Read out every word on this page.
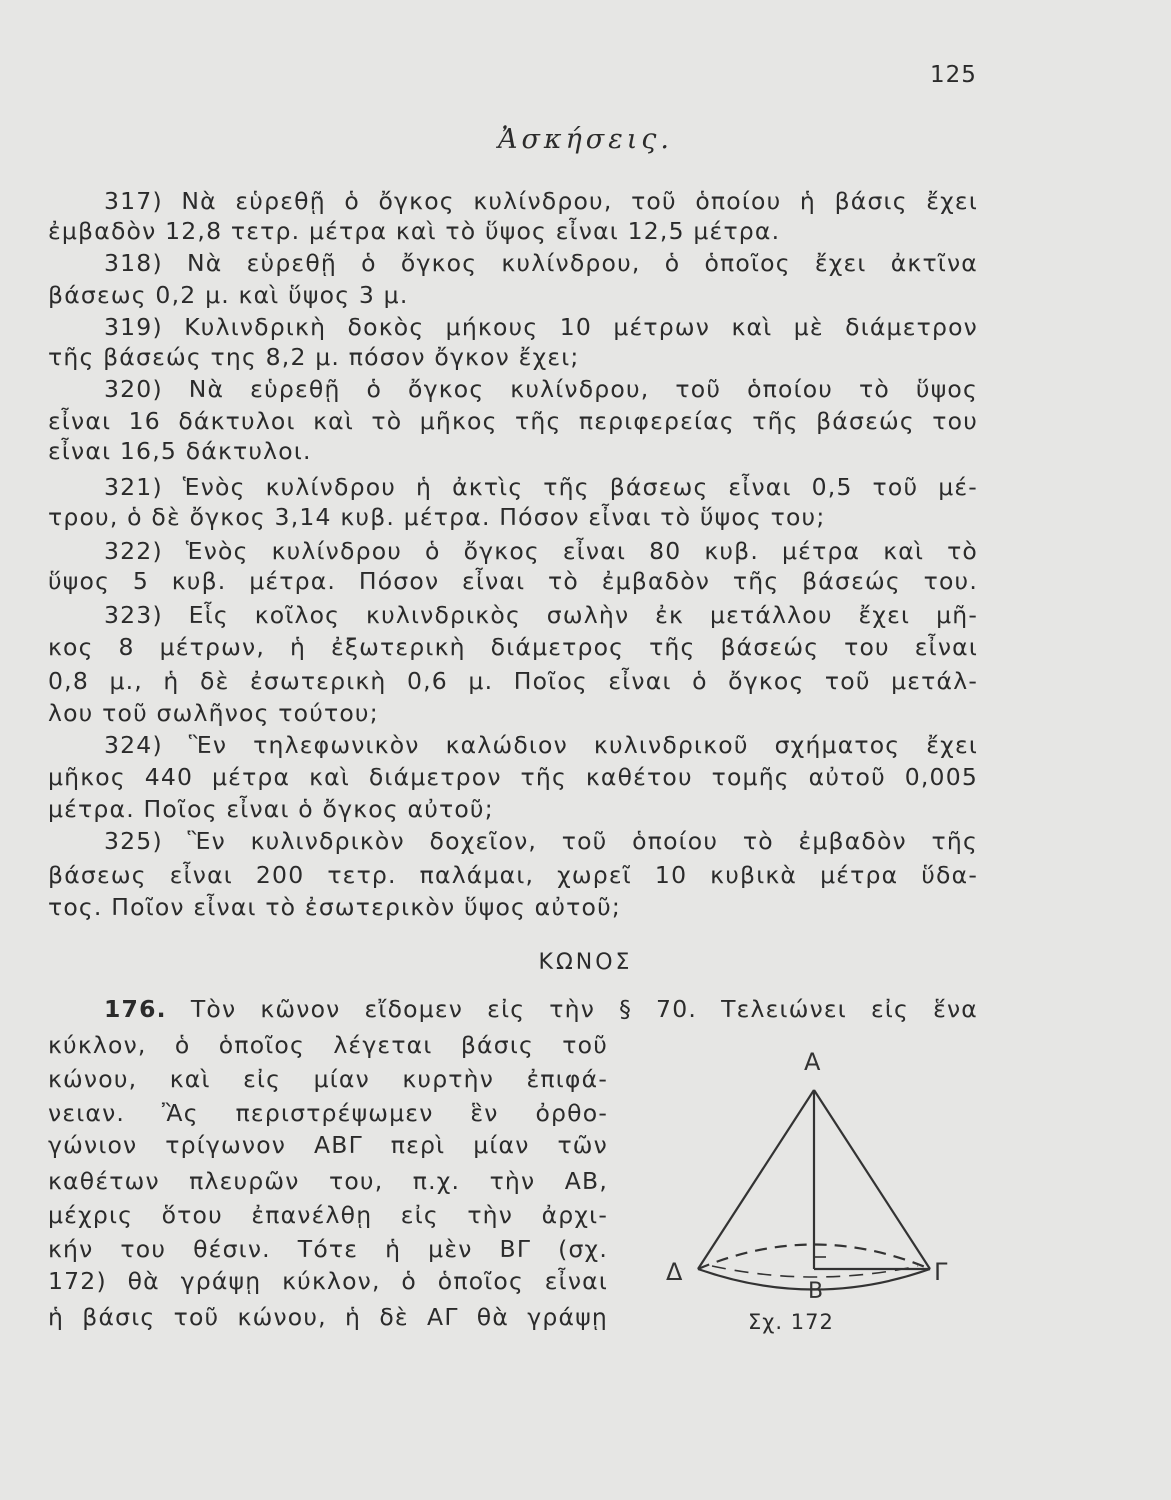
125
Ἀσκήσεις.
317) Νὰ εὑρεθῇ ὁ ὄγκος κυλίνδρου, τοῦ ὁποίου ἡ βάσις ἔχει
ἐμβαδὸν 12,8 τετρ. μέτρα καὶ τὸ ὕψος εἶναι 12,5 μέτρα.
318) Νὰ εὑρεθῇ ὁ ὄγκος κυλίνδρου, ὁ ὁποῖος ἔχει ἀκτῖνα
βάσεως 0,2 μ. καὶ ὕψος 3 μ.
319) Κυλινδρικὴ δοκὸς μήκους 10 μέτρων καὶ μὲ διάμετρον
τῆς βάσεώς της 8,2 μ. πόσον ὄγκον ἔχει;
320) Νὰ εὑρεθῇ ὁ ὄγκος κυλίνδρου, τοῦ ὁποίου τὸ ὕψος
εἶναι 16 δάκτυλοι καὶ τὸ μῆκος τῆς περιφερείας τῆς βάσεώς του
εἶναι 16,5 δάκτυλοι.
321) Ἑνὸς κυλίνδρου ἡ ἀκτὶς τῆς βάσεως εἶναι 0,5 τοῦ μέ-
τρου, ὁ δὲ ὄγκος 3,14 κυβ. μέτρα. Πόσον εἶναι τὸ ὕψος του;
322) Ἑνὸς κυλίνδρου ὁ ὄγκος εἶναι 80 κυβ. μέτρα καὶ τὸ
ὕψος 5 κυβ. μέτρα. Πόσον εἶναι τὸ ἐμβαδὸν τῆς βάσεώς του.
323) Εἷς κοῖλος κυλινδρικὸς σωλὴν ἐκ μετάλλου ἔχει μῆ-
κος 8 μέτρων, ἡ ἐξωτερικὴ διάμετρος τῆς βάσεώς του εἶναι
0,8 μ., ἡ δὲ ἐσωτερικὴ 0,6 μ. Ποῖος εἶναι ὁ ὄγκος τοῦ μετάλ-
λου τοῦ σωλῆνος τούτου;
324) Ἓν τηλεφωνικὸν καλώδιον κυλινδρικοῦ σχήματος ἔχει
μῆκος 440 μέτρα καὶ διάμετρον τῆς καθέτου τομῆς αὐτοῦ 0,005
μέτρα. Ποῖος εἶναι ὁ ὄγκος αὐτοῦ;
325) Ἓν κυλινδρικὸν δοχεῖον, τοῦ ὁποίου τὸ ἐμβαδὸν τῆς
βάσεως εἶναι 200 τετρ. παλάμαι, χωρεῖ 10 κυβικὰ μέτρα ὕδα-
τος. Ποῖον εἶναι τὸ ἐσωτερικὸν ὕψος αὐτοῦ;
ΚΩΝΟΣ
176. Τὸν κῶνον εἴδομεν εἰς τὴν § 70. Τελειώνει εἰς ἕνα
κύκλον, ὁ ὁποῖος λέγεται βάσις τοῦ
κώνου, καὶ εἰς μίαν κυρτὴν ἐπιφά-
νειαν. Ἂς περιστρέψωμεν ἓν ὀρθο-
γώνιον τρίγωνον ΑΒΓ περὶ μίαν τῶν
καθέτων πλευρῶν του, π.χ. τὴν ΑΒ,
μέχρις ὅτου ἐπανέλθῃ εἰς τὴν ἀρχι-
κήν του θέσιν. Τότε ἡ μὲν ΒΓ (σχ.
172) θὰ γράψῃ κύκλον, ὁ ὁποῖος εἶναι
ἡ βάσις τοῦ κώνου, ἡ δὲ ΑΓ θὰ γράψῃ
Α
Δ	Γ
Β
Σχ. 172
